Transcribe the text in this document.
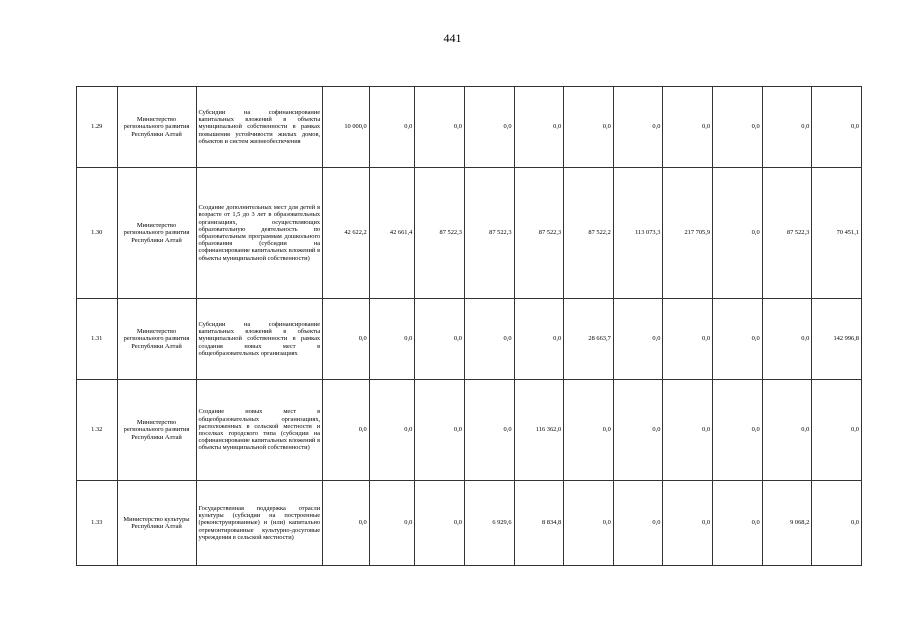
441
1.29	Министерство регионального развития Республики Алтай	Субсидии на софинансирование капитальных вложений в объекты муниципальной собственности в рамках повышения устойчивости жилых домов, объектов и систем жизнеобеспечения	10 000,0	0,0	0,0	0,0	0,0	0,0	0,0	0,0	0,0	0,0	0,0
1.30	Министерство регионального развития Республики Алтай	Создание дополнительных мест для детей в возрасте от 1,5 до 3 лет в образовательных организациях, осуществляющих образовательную деятельность по образовательным программам дошкольного образования (субсидии на софинансирование капитальных вложений в объекты муниципальной собственности)	42 622,2	42 661,4	87 522,3	87 522,3	87 522,3	87 522,2	113 073,3	217 705,9	0,0	87 522,3	70 451,1
1.31	Министерство регионального развития Республики Алтай	Субсидии на софинансирование капитальных вложений в объекты муниципальной собственности в рамках создания новых мест в общеобразовательных организациях	0,0	0,0	0,0	0,0	0,0	28 663,7	0,0	0,0	0,0	0,0	142 996,8
1.32	Министерство регионального развития Республики Алтай	Создание новых мест в общеобразовательных организациях, расположенных в сельской местности и поселках городского типа (субсидии на софинансирование капитальных вложений в объекты муниципальной собственности)	0,0	0,0	0,0	0,0	116 362,0	0,0	0,0	0,0	0,0	0,0	0,0
1.33	Министерство культуры Республики Алтай	Государственная поддержка отрасли культуры (субсидии на построенные (реконструированные) и (или) капитально отремонтированные культурно-досуговые учреждения в сельской местности)	0,0	0,0	0,0	6 929,6	8 834,8	0,0	0,0	0,0	0,0	9 068,2	0,0
